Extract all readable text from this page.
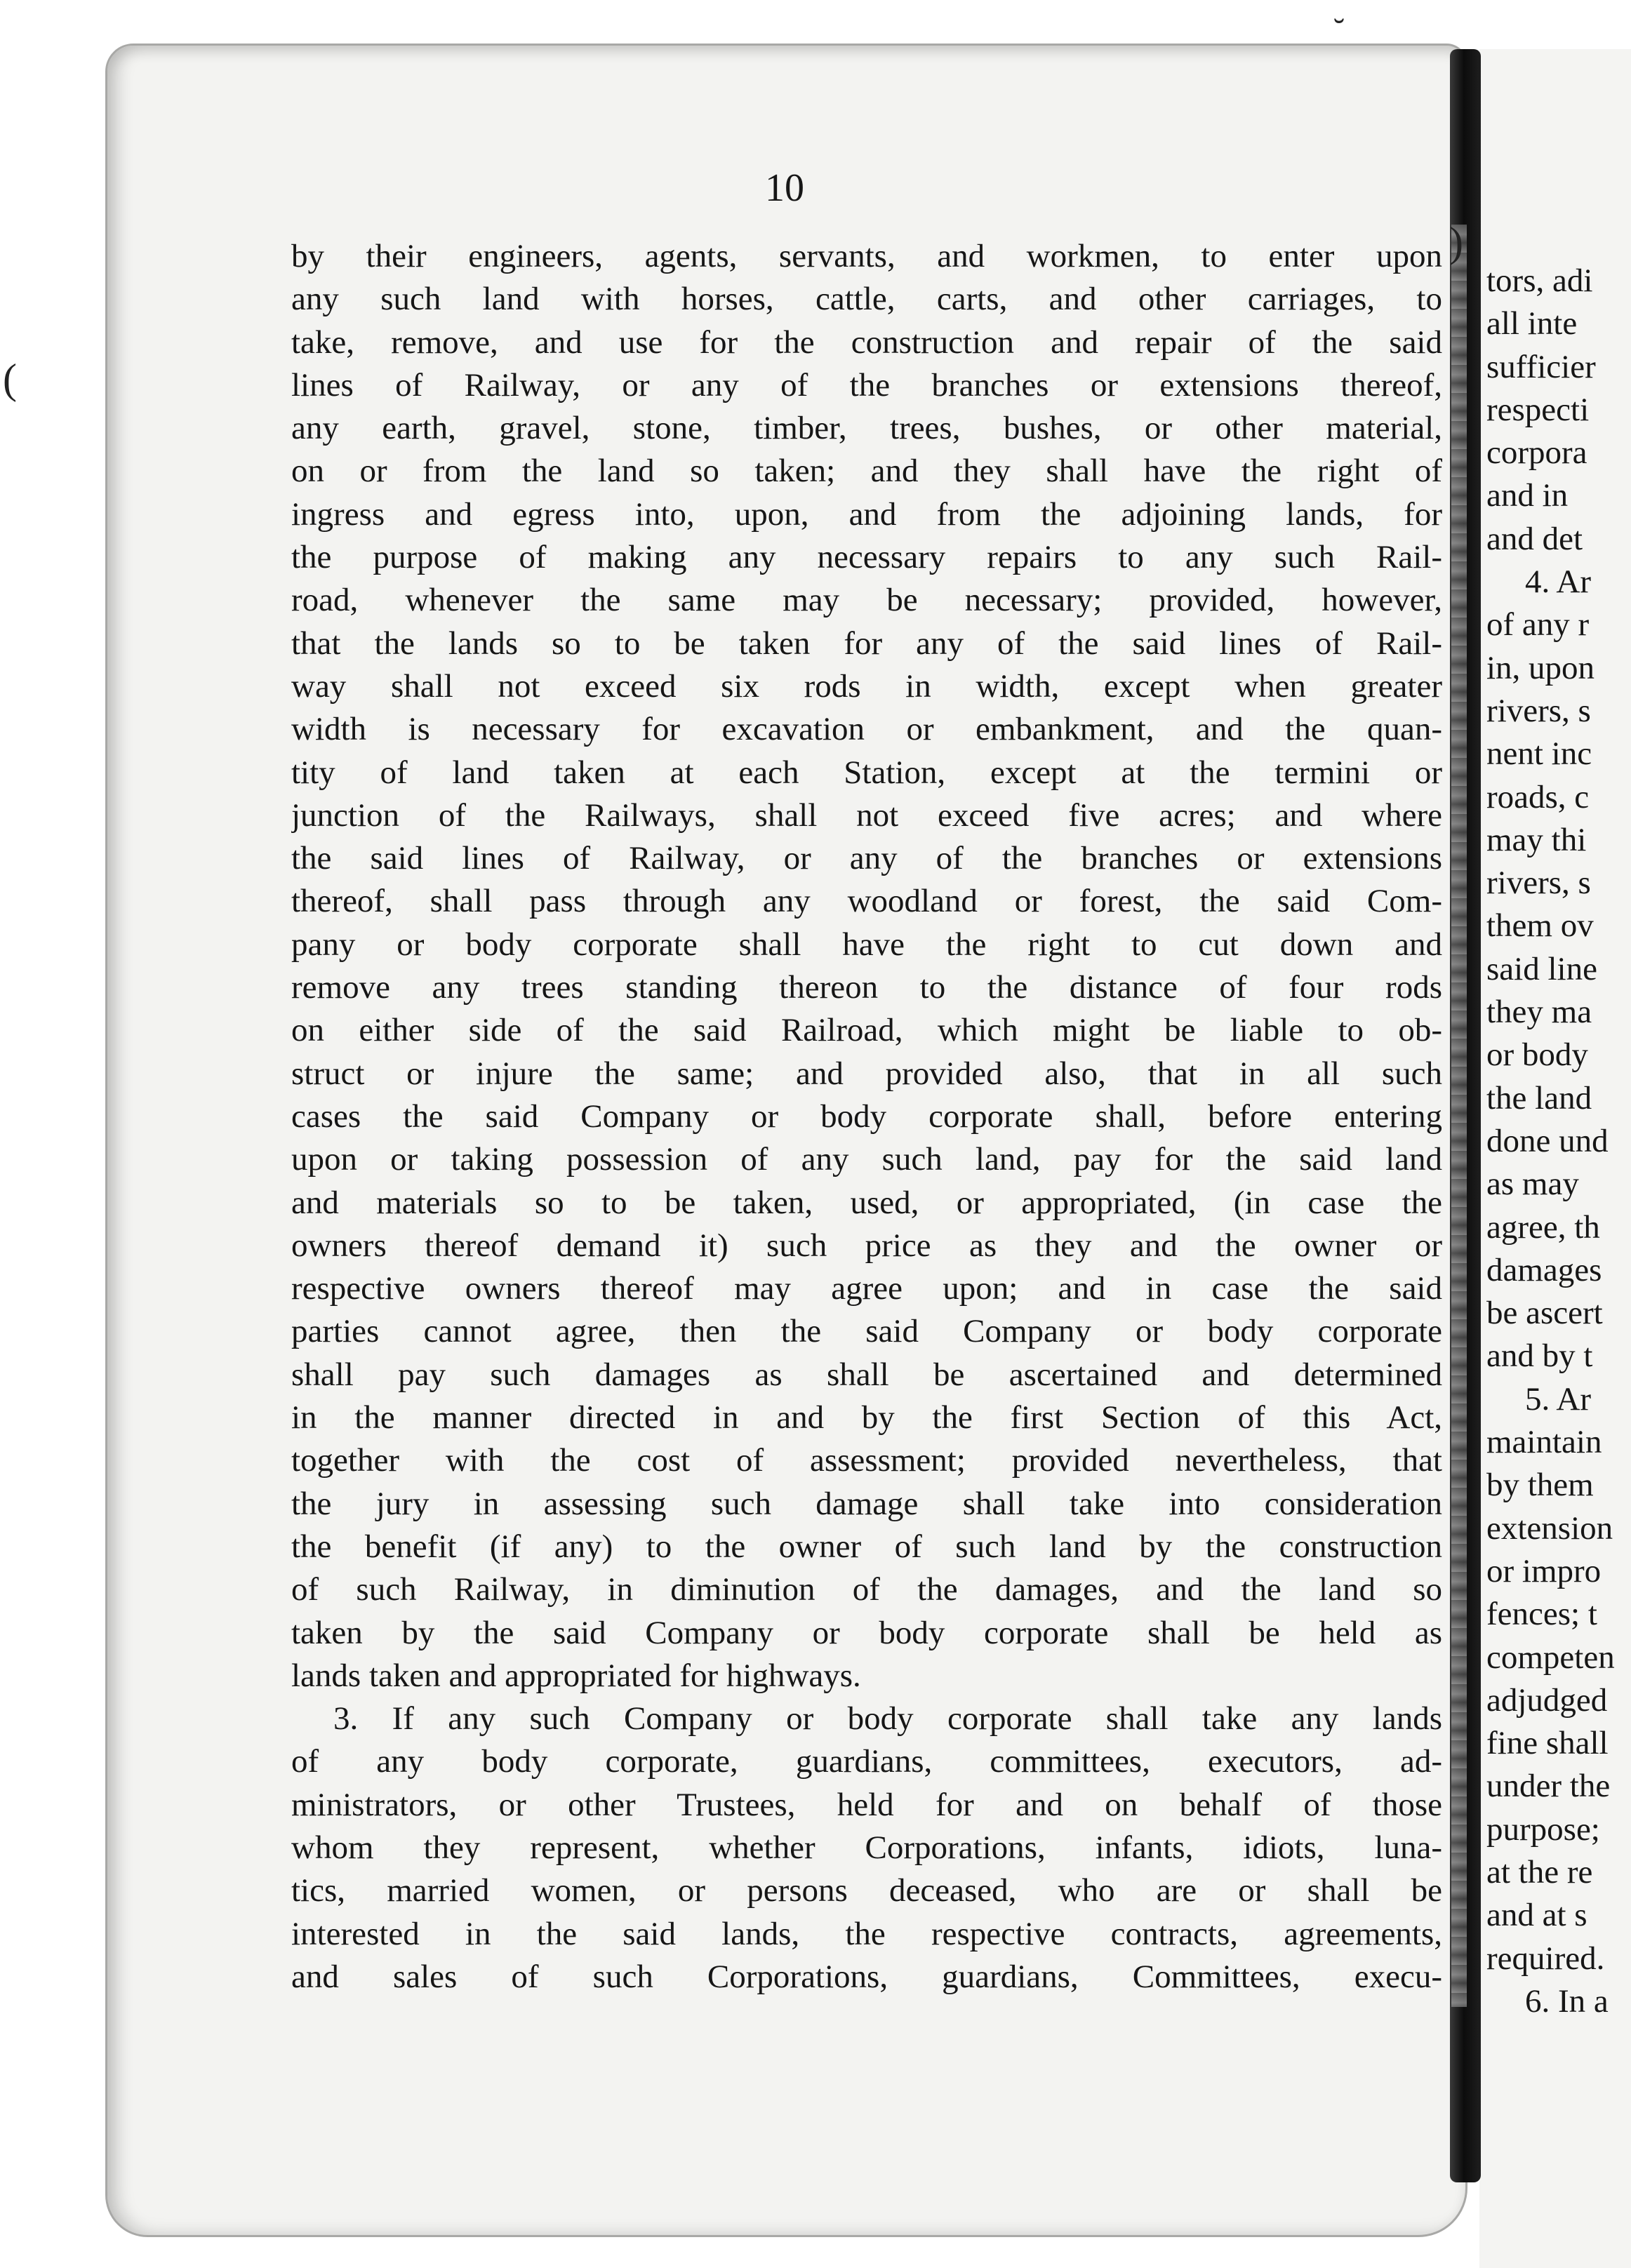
˘
)
(
10
by their engineers, agents, servants, and workmen, to enter upon
any such land with horses, cattle, carts, and other carriages, to
take, remove, and use for the construction and repair of the said
lines of Railway, or any of the branches or extensions thereof,
any earth, gravel, stone, timber, trees, bushes, or other material,
on or from the land so taken; and they shall have the right of
ingress and egress into, upon, and from the adjoining lands, for
the purpose of making any necessary repairs to any such Rail-
road, whenever the same may be necessary; provided, however,
that the lands so to be taken for any of the said lines of Rail-
way shall not exceed six rods in width, except when greater
width is necessary for excavation or embankment, and the quan-
tity of land taken at each Station, except at the termini or
junction of the Railways, shall not exceed five acres; and where
the said lines of Railway, or any of the branches or extensions
thereof, shall pass through any woodland or forest, the said Com-
pany or body corporate shall have the right to cut down and
remove any trees standing thereon to the distance of four rods
on either side of the said Railroad, which might be liable to ob-
struct or injure the same; and provided also, that in all such
cases the said Company or body corporate shall, before entering
upon or taking possession of any such land, pay for the said land
and materials so to be taken, used, or appropriated, (in case the
owners thereof demand it) such price as they and the owner or
respective owners thereof may agree upon; and in case the said
parties cannot agree, then the said Company or body corporate
shall pay such damages as shall be ascertained and determined
in the manner directed in and by the first Section of this Act,
together with the cost of assessment; provided nevertheless, that
the jury in assessing such damage shall take into consideration
the benefit (if any) to the owner of such land by the construction
of such Railway, in diminution of the damages, and the land so
taken by the said Company or body corporate shall be held as
lands taken and appropriated for highways.
3. If any such Company or body corporate shall take any lands
of any body corporate, guardians, committees, executors, ad-
ministrators, or other Trustees, held for and on behalf of those
whom they represent, whether Corporations, infants, idiots, luna-
tics, married women, or persons deceased, who are or shall be
interested in the said lands, the respective contracts, agreements,
and sales of such Corporations, guardians, Committees, execu-
tors, adi
all inte
sufficier
respecti
corpora
and in
and det
4. Ar
of any r
in, upon
rivers, s
nent inc
roads, c
may thi
rivers, s
them ov
said line
they ma
or body
the land
done und
as may
agree, th
damages
be ascert
and by t
5. Ar
maintain
by them
extension
or impro
fences; t
competen
adjudged
fine shall
under the
purpose;
at the re
and at s
required.
6. In a
